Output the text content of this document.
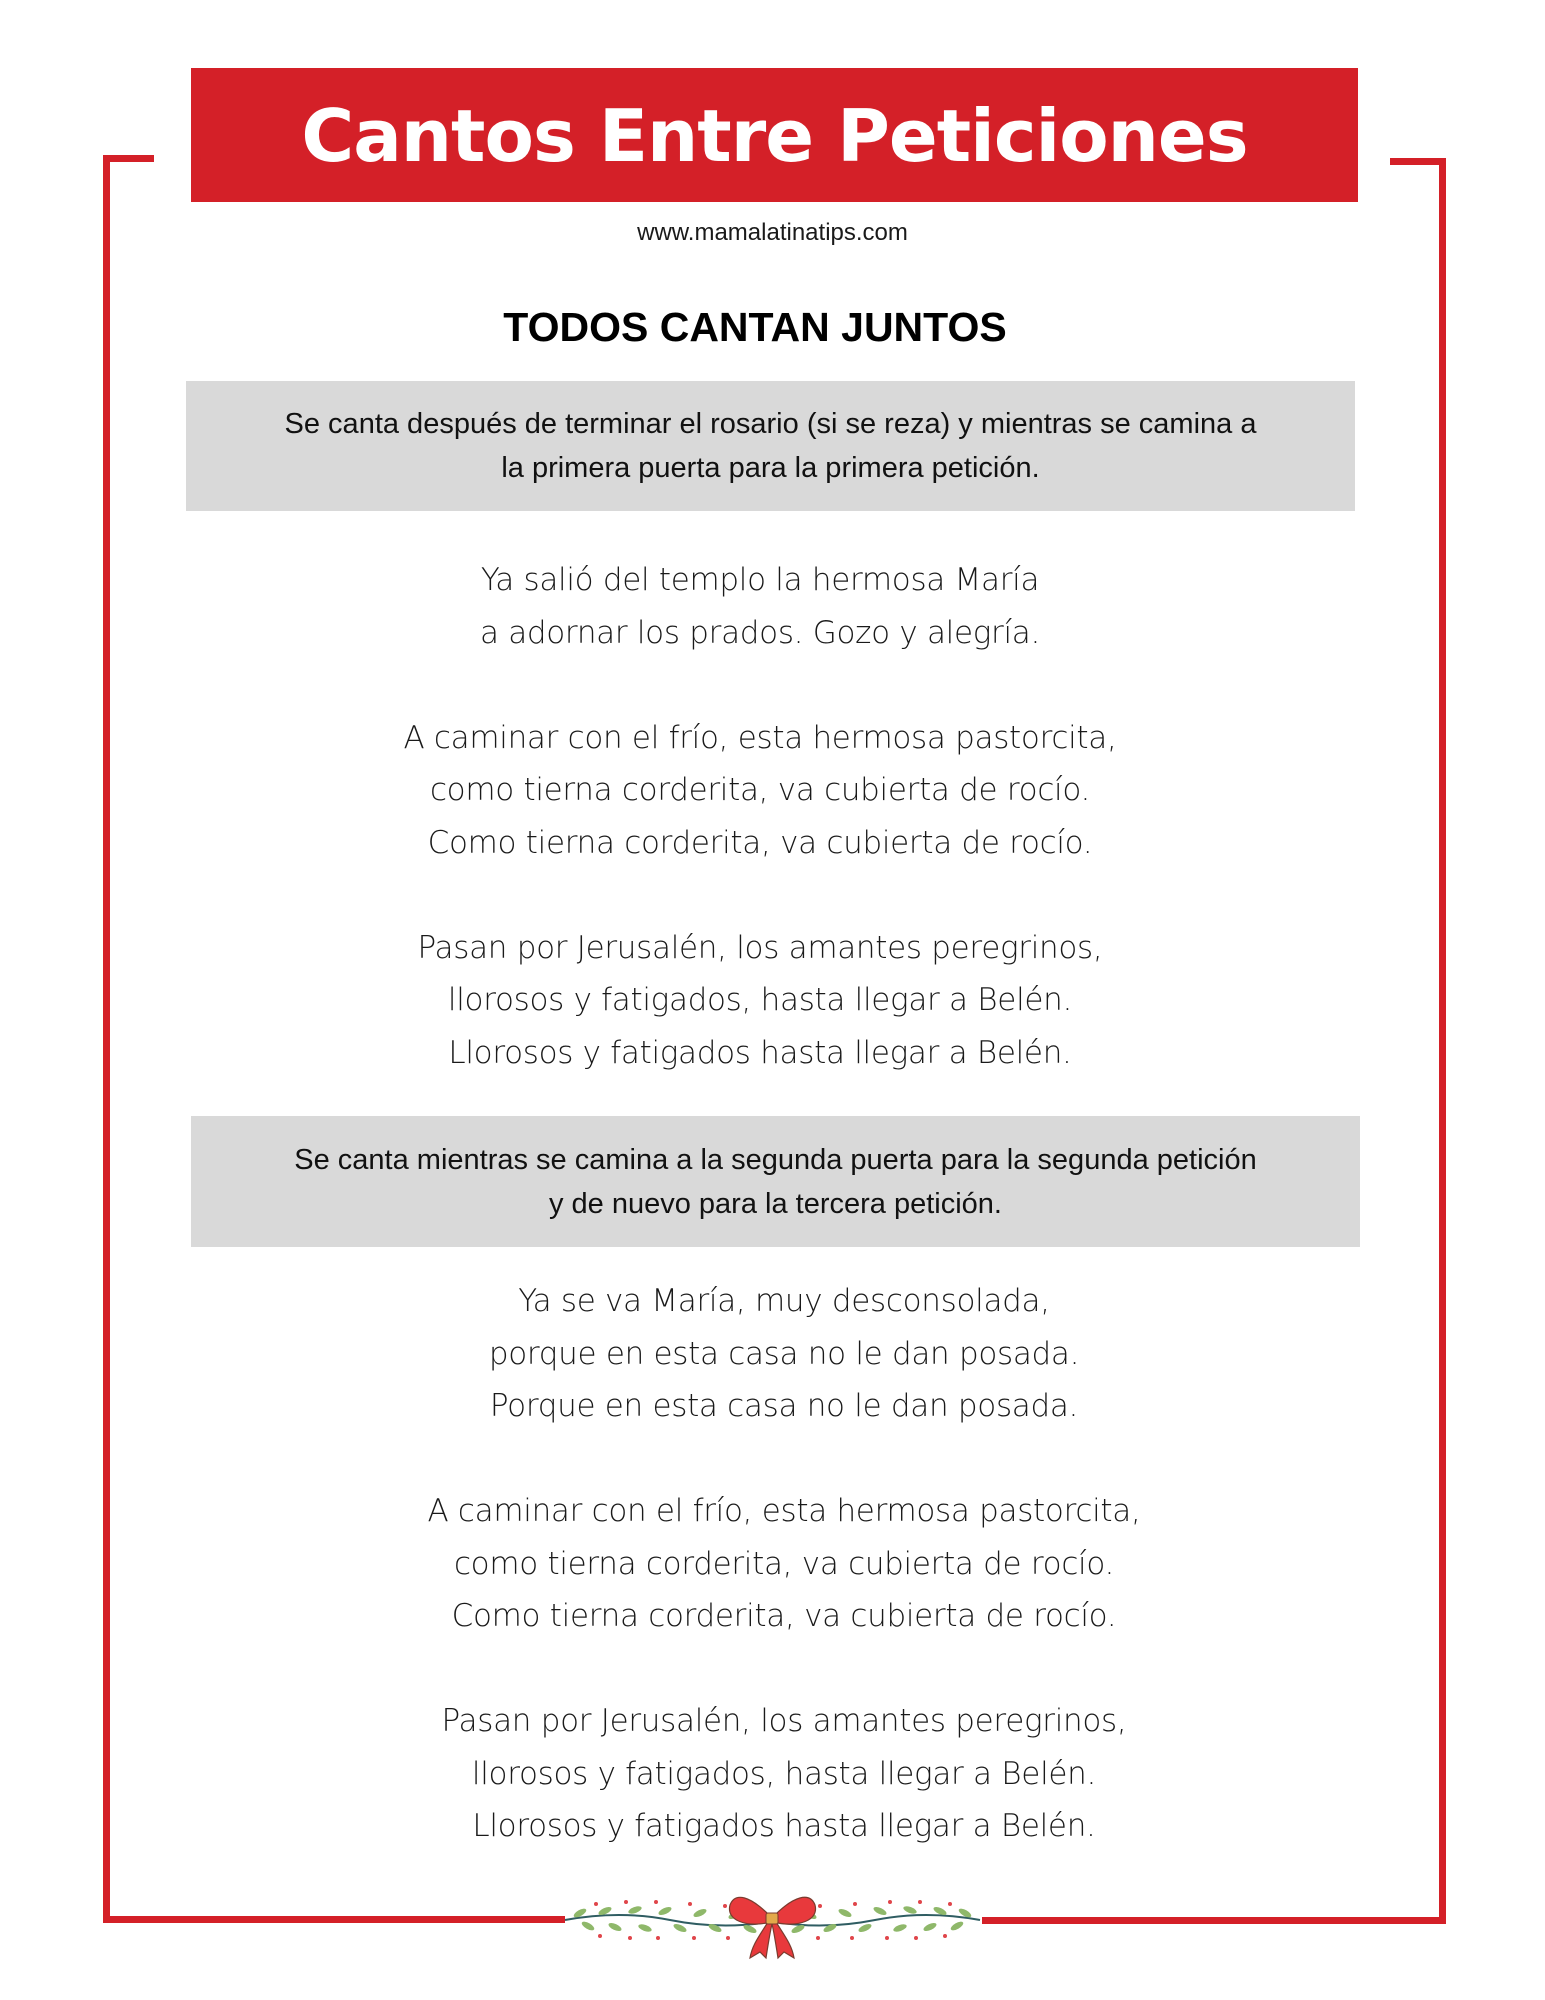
Cantos Entre Peticiones
www.mamalatinatips.com
TODOS CANTAN JUNTOS
Se canta después de terminar el rosario (si se reza) y mientras se camina a
la primera puerta para la primera petición.
Ya salió del templo la hermosa María
a adornar los prados. Gozo y alegría.
A caminar con el frío, esta hermosa pastorcita,
como tierna corderita, va cubierta de rocío.
Como tierna corderita, va cubierta de rocío.
Pasan por Jerusalén, los amantes peregrinos,
llorosos y fatigados, hasta llegar a Belén.
Llorosos y fatigados hasta llegar a Belén.
Se canta mientras se camina a la segunda puerta para la segunda petición
y de nuevo para la tercera petición.
Ya se va María, muy desconsolada,
porque en esta casa no le dan posada.
Porque en esta casa no le dan posada.
A caminar con el frío, esta hermosa pastorcita,
como tierna corderita, va cubierta de rocío.
Como tierna corderita, va cubierta de rocío.
Pasan por Jerusalén, los amantes peregrinos,
llorosos y fatigados, hasta llegar a Belén.
Llorosos y fatigados hasta llegar a Belén.
